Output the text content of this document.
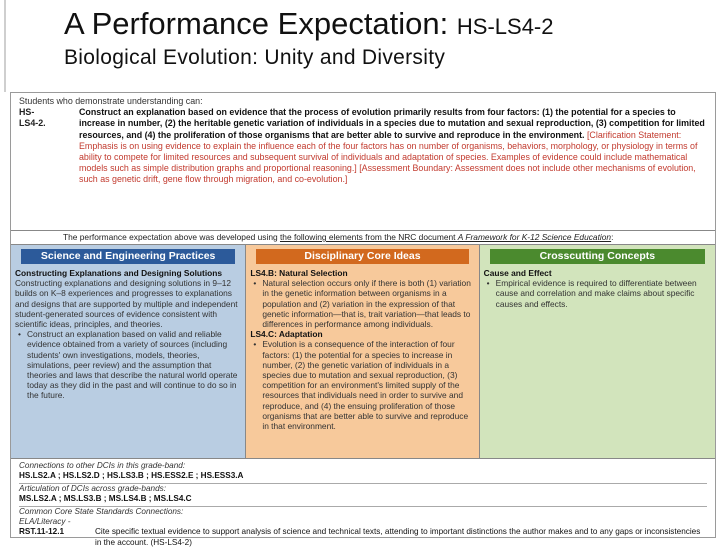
A Performance Expectation: HS-LS4-2
Biological Evolution: Unity and Diversity
Students who demonstrate understanding can:
HS-
LS4-2.
Construct an explanation based on evidence that the process of evolution primarily results from four factors: (1) the potential for a species to increase in number, (2) the heritable genetic variation of individuals in a species due to mutation and sexual reproduction, (3) competition for limited resources, and (4) the proliferation of those organisms that are better able to survive and reproduce in the environment. [Clarification Statement: Emphasis is on using evidence to explain the influence each of the four factors has on number of organisms, behaviors, morphology, or physiology in terms of ability to compete for limited resources and subsequent survival of individuals and adaptation of species. Examples of evidence could include mathematical models such as simple distribution graphs and proportional reasoning.] [Assessment Boundary: Assessment does not include other mechanisms of evolution, such as genetic drift, gene flow through migration, and co-evolution.]
The performance expectation above was developed using the following elements from the NRC document A Framework for K-12 Science Education:
Science and Engineering Practices
Constructing Explanations and Designing Solutions
Constructing explanations and designing solutions in 9–12 builds on K–8 experiences and progresses to explanations and designs that are supported by multiple and independent student-generated sources of evidence consistent with scientific ideas, principles, and theories.
• Construct an explanation based on valid and reliable evidence obtained from a variety of sources (including students' own investigations, models, theories, simulations, peer review) and the assumption that theories and laws that describe the natural world operate today as they did in the past and will continue to do so in the future.
Disciplinary Core Ideas
LS4.B: Natural Selection
• Natural selection occurs only if there is both (1) variation in the genetic information between organisms in a population and (2) variation in the expression of that genetic information—that is, trait variation—that leads to differences in performance among individuals.
LS4.C: Adaptation
• Evolution is a consequence of the interaction of four factors: (1) the potential for a species to increase in number, (2) the genetic variation of individuals in a species due to mutation and sexual reproduction, (3) competition for an environment's limited supply of the resources that individuals need in order to survive and reproduce, and (4) the ensuing proliferation of those organisms that are better able to survive and reproduce in that environment.
Crosscutting Concepts
Cause and Effect
• Empirical evidence is required to differentiate between cause and correlation and make claims about specific causes and effects.
Connections to other DCIs in this grade-band:
HS.LS2.A ; HS.LS2.D ; HS.LS3.B ; HS.ESS2.E ; HS.ESS3.A
Articulation of DCIs across grade-bands:
MS.LS2.A ; MS.LS3.B ; MS.LS4.B ; MS.LS4.C
Common Core State Standards Connections:
ELA/Literacy -
RST.11-12.1	Cite specific textual evidence to support analysis of science and technical texts, attending to important distinctions the author makes and to any gaps or inconsistencies in the account. (HS-LS4-2)
